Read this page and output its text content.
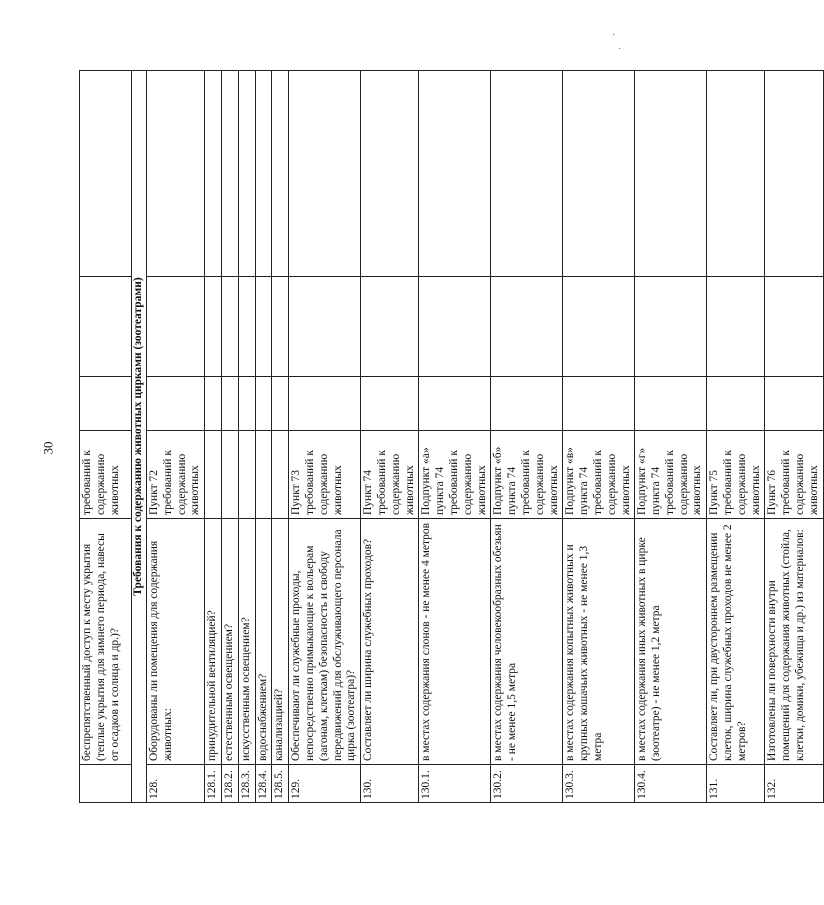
30
·
·
	беспрепятственный доступ к месту укрытия (теплые укрытия для зимнего периода, навесы от осадков и солнца и др.)?	требований к содержанию животных			
Требования к содержанию животных цирками (зоотеатрами)					
128.	Оборудованы ли помещения для содержания животных:	Пункт 72 требований к содержанию животных			
128.1.	принудительной вентиляцией?				
128.2.	естественным освещением?				
128.3.	искусственным освещением?				
128.4.	водоснабжением?				
128.5.	канализацией?				
129.	Обеспечивают ли служебные проходы, непосредственно примыкающие к вольерам (загонам, клеткам) безопасность и свободу передвижений для обслуживающего персонала цирка (зоотеатра)?	Пункт 73 требований к содержанию животных			
130.	Составляет ли ширина служебных проходов?	Пункт 74 требований к содержанию животных			
130.1.	в местах содержания слонов - не менее 4 метров	Подпункт «а» пункта 74 требований к содержанию животных			
130.2.	в местах содержания человекообразных обезьян - не менее 1,5 метра	Подпункт «б» пункта 74 требований к содержанию животных			
130.3.	в местах содержания копытных животных и крупных кошачьих животных - не менее 1,3 метра	Подпункт «в» пункта 74 требований к содержанию животных			
130.4.	в местах содержания иных животных в цирке (зоотеатре) - не менее 1,2 метра	Подпункт «г» пункта 74 требований к содержанию животных			
131.	Составляет ли, при двустороннем размещении клеток, ширина служебных проходов не менее 2 метров?	Пункт 75 требований к содержанию животных			
132.	Изготовлены ли поверхности внутри помещений для содержания животных (стойла, клетки, домики, убежища и др.) из материалов:	Пункт 76 требований к содержанию животных			
